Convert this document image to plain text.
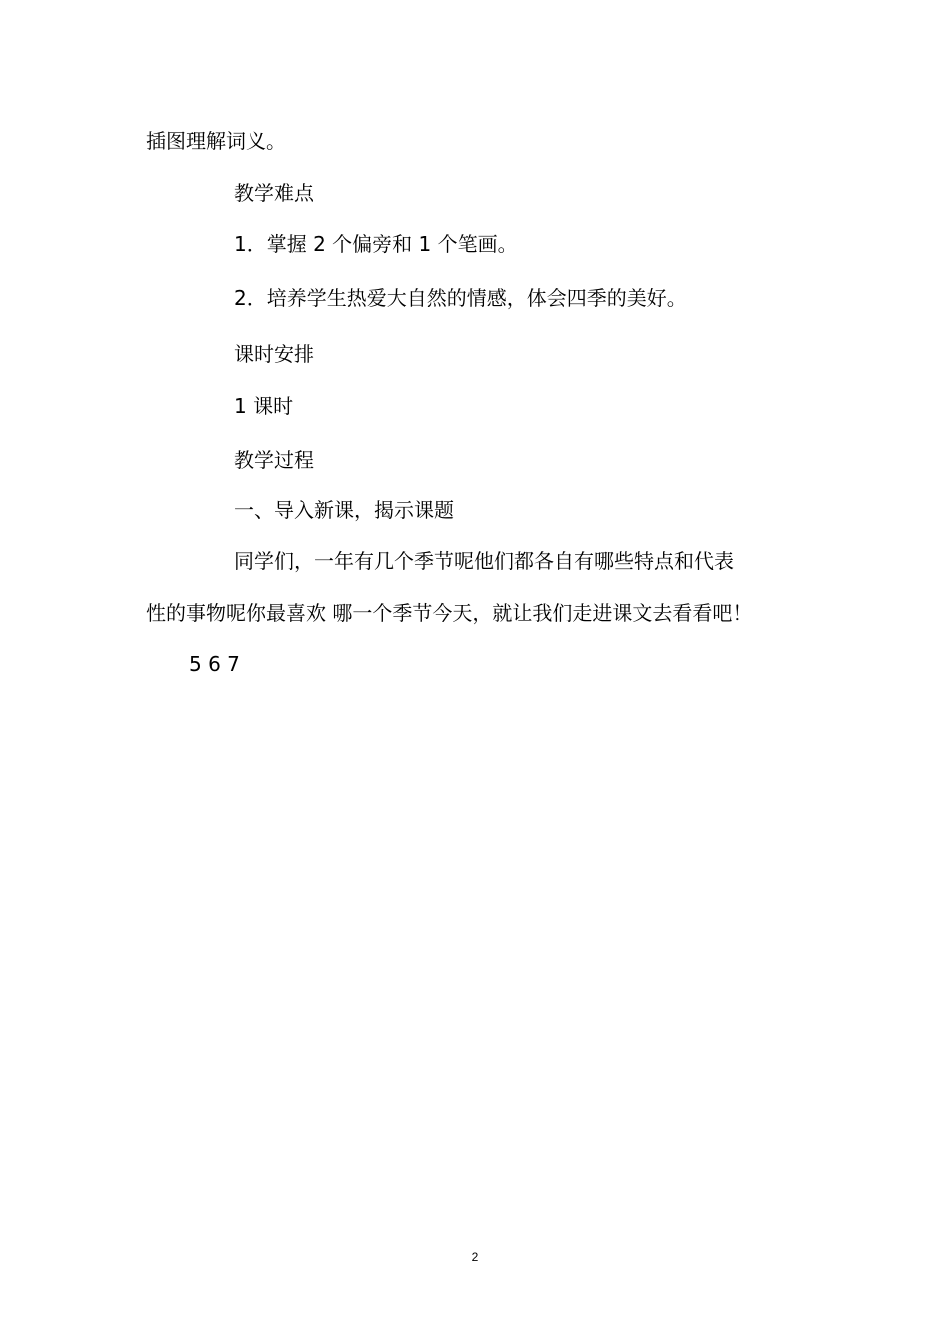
插图理解词义。

教学难点

1．掌握 2 个偏旁和 1 个笔画。

2．培养学生热爱大自然的情感，体会四季的美好。

课时安排

1 课时

教学过程

一、导入新课，揭示课题

同学们，一年有几个季节呢他们都各自有哪些特点和代表

性的事物呢你最喜欢 哪一个季节今天，就让我们走进课文去看看吧！

5 6 7

2
